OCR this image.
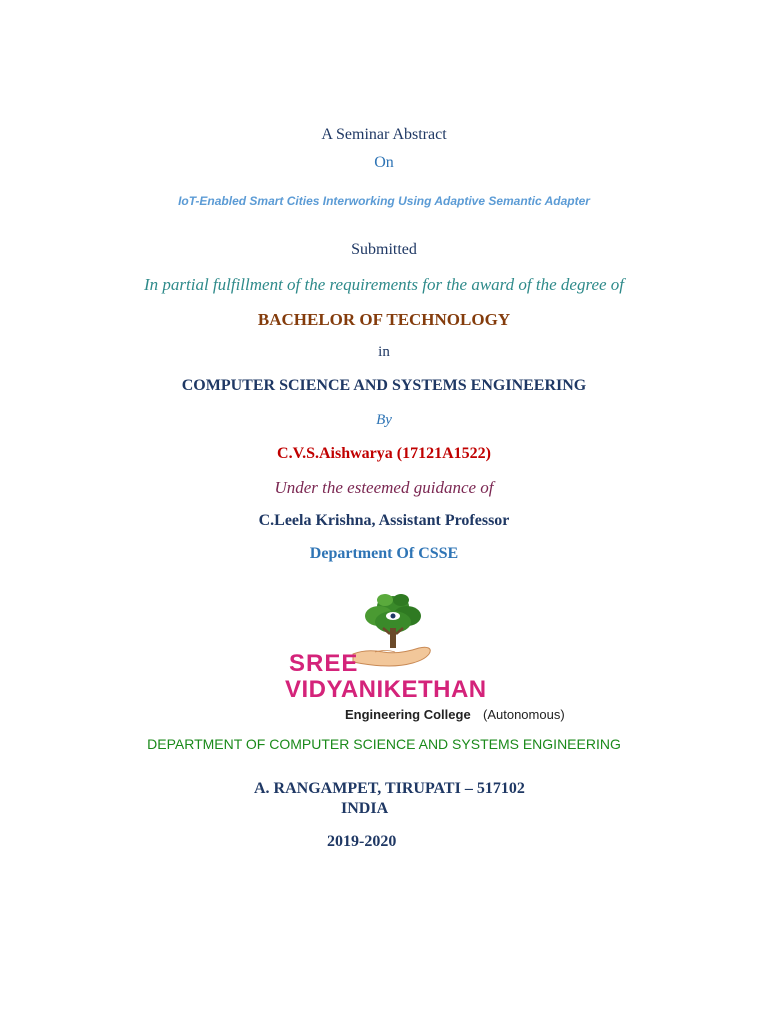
A Seminar Abstract
On
IoT-Enabled Smart Cities Interworking Using Adaptive Semantic Adapter
Submitted
In partial fulfillment of the requirements for the award of the degree of
BACHELOR OF TECHNOLOGY
in
COMPUTER SCIENCE AND SYSTEMS ENGINEERING
By
C.V.S.Aishwarya (17121A1522)
Under the esteemed guidance of
C.Leela Krishna, Assistant Professor
Department Of CSSE
SREE
VIDYANIKETHAN
Engineering College (Autonomous)
DEPARTMENT OF COMPUTER SCIENCE AND SYSTEMS ENGINEERING
A. RANGAMPET, TIRUPATI – 517102
INDIA
2019-2020
